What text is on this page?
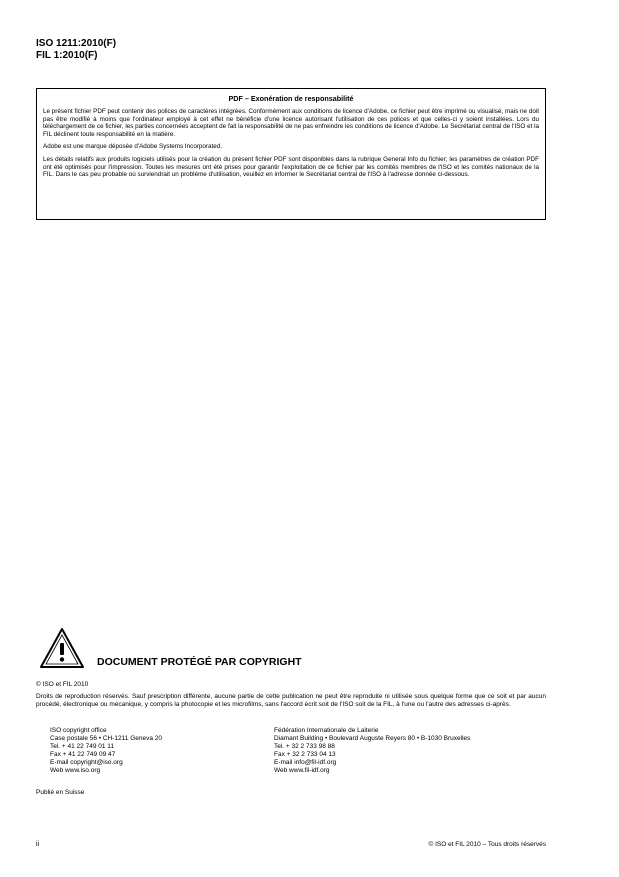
ISO 1211:2010(F)
FIL 1:2010(F)
PDF – Exonération de responsabilité

Le présent fichier PDF peut contenir des polices de caractères intégrées. Conformément aux conditions de licence d'Adobe, ce fichier peut être imprimé ou visualisé, mais ne doit pas être modifié à moins que l'ordinateur employé à cet effet ne bénéficie d'une licence autorisant l'utilisation de ces polices et que celles-ci y soient installées. Lors du téléchargement de ce fichier, les parties concernées acceptent de fait la responsabilité de ne pas enfreindre les conditions de licence d'Adobe. Le Secrétariat central de l'ISO et la FIL déclinent toute responsabilité en la matière.

Adobe est une marque déposée d'Adobe Systems Incorporated.

Les détails relatifs aux produits logiciels utilisés pour la création du présent fichier PDF sont disponibles dans la rubrique General Info du fichier; les paramètres de création PDF ont été optimisés pour l'impression. Toutes les mesures ont été prises pour garantir l'exploitation de ce fichier par les comités membres de l'ISO et les comités nationaux de la FIL. Dans le cas peu probable où surviendrait un problème d'utilisation, veuillez en informer le Secrétariat central de l'ISO à l'adresse donnée ci-dessous.

DOCUMENT PROTÉGÉ PAR COPYRIGHT
© ISO et FIL 2010
Droits de reproduction réservés. Sauf prescription différente, aucune partie de cette publication ne peut être reproduite ni utilisée sous quelque forme que ce soit et par aucun procédé, électronique ou mécanique, y compris la photocopie et les microfilms, sans l'accord écrit soit de l'ISO soit de la FIL, à l'une ou l'autre des adresses ci-après.
ISO copyright office
Case postale 56 • CH-1211 Geneva 20
Tel. + 41 22 749 01 11
Fax + 41 22 749 09 47
E-mail copyright@iso.org
Web www.iso.org
Fédération Internationale de Laiterie
Diamant Building • Boulevard Auguste Reyers 80 • B-1030 Bruxelles
Tel. + 32 2 733 98 88
Fax + 32 2 733 04 13
E-mail info@fil-idf.org
Web www.fil-idf.org
Publié en Suisse
ii	© ISO et FIL 2010 – Tous droits réservés
